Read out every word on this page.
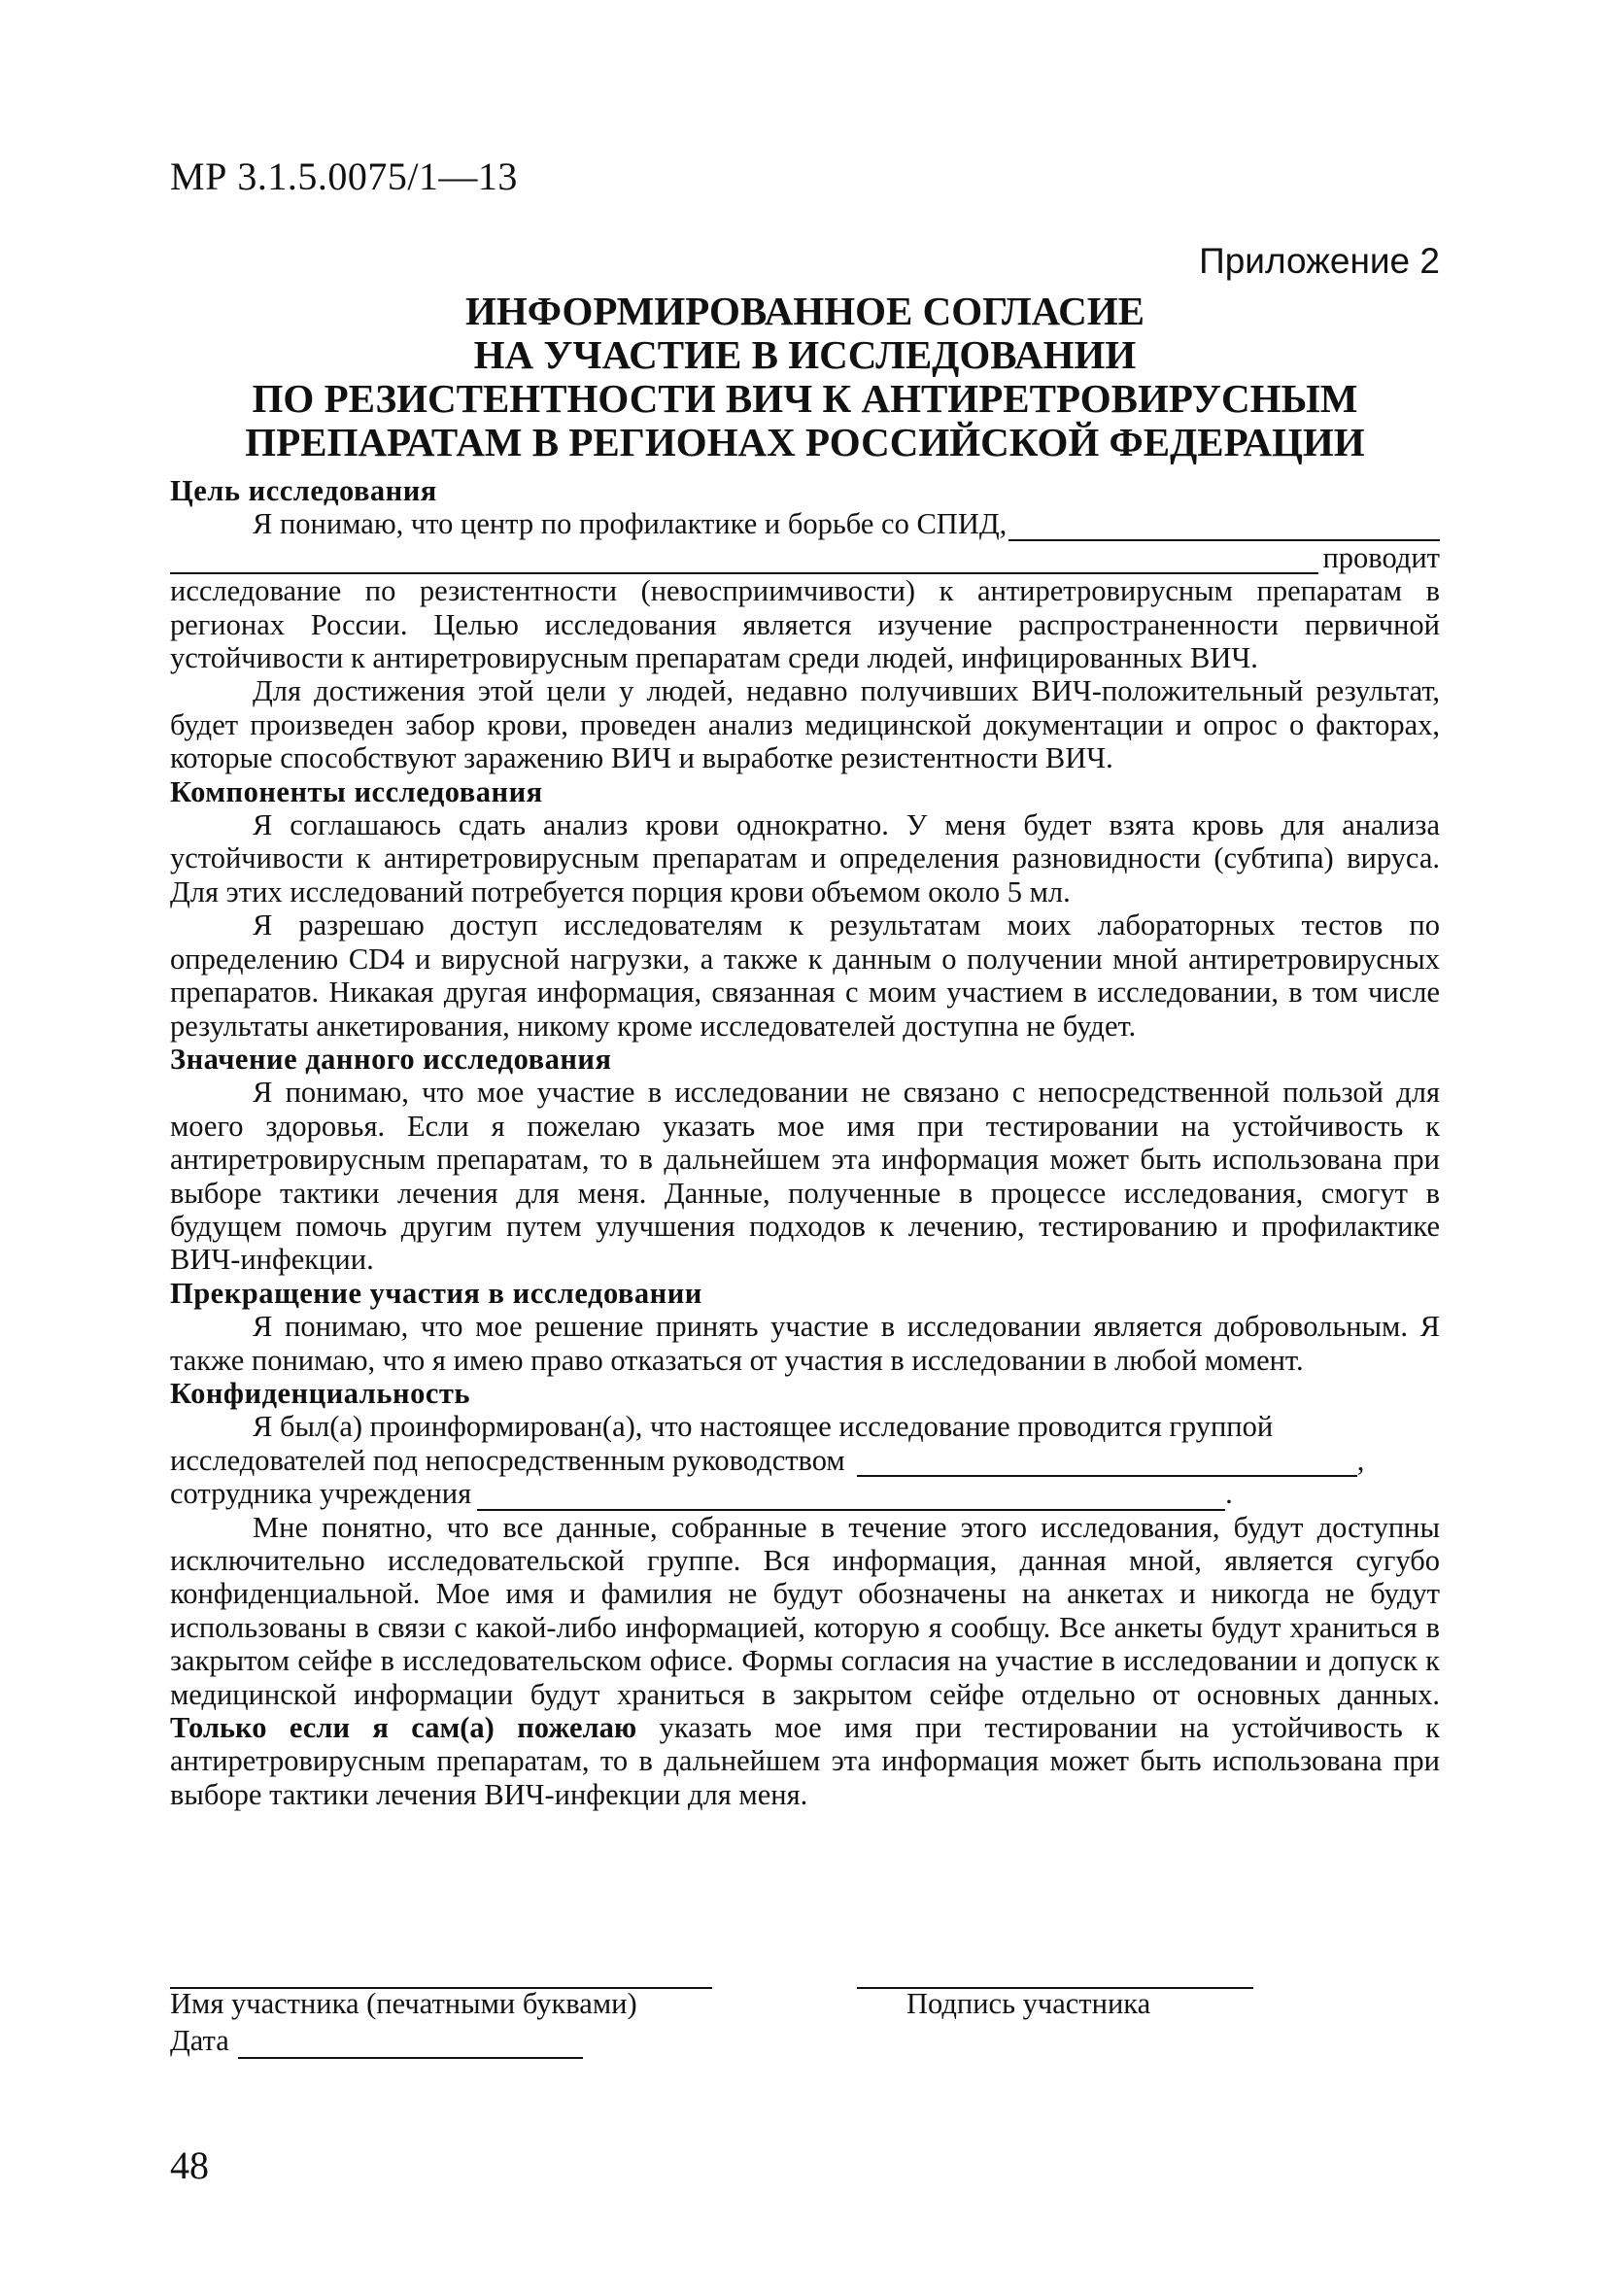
МР 3.1.5.0075/1—13
Приложение 2
ИНФОРМИРОВАННОЕ СОГЛАСИЕ
НА УЧАСТИЕ В ИССЛЕДОВАНИИ
ПО РЕЗИСТЕНТНОСТИ ВИЧ К АНТИРЕТРОВИРУСНЫМ
ПРЕПАРАТАМ В РЕГИОНАХ РОССИЙСКОЙ ФЕДЕРАЦИИ
Цель исследования
Я понимаю, что центр по профилактике и борьбе со СПИД,
проводит

исследование по резистентности (невосприимчивости) к антиретровирусным препаратам в регионах России. Целью исследования является изучение распространенности первичной устойчивости к антиретровирусным препаратам среди людей, инфицированных ВИЧ.

Для достижения этой цели у людей, недавно получивших ВИЧ-положительный результат, будет произведен забор крови, проведен анализ медицинской документации и опрос о факторах, которые способствуют заражению ВИЧ и выработке резистентности ВИЧ.

Компоненты исследования

Я соглашаюсь сдать анализ крови однократно. У меня будет взята кровь для анализа устойчивости к антиретровирусным препаратам и определения разновидности (субтипа) вируса. Для этих исследований потребуется порция крови объемом около 5 мл.

Я разрешаю доступ исследователям к результатам моих лабораторных тестов по определению CD4 и вирусной нагрузки, а также к данным о получении мной антиретровирусных препаратов. Никакая другая информация, связанная с моим участием в исследовании, в том числе результаты анкетирования, никому кроме исследователей доступна не будет.

Значение данного исследования

Я понимаю, что мое участие в исследовании не связано с непосредственной пользой для моего здоровья. Если я пожелаю указать мое имя при тестировании на устойчивость к антиретровирусным препаратам, то в дальнейшем эта информация может быть использована при выборе тактики лечения для меня. Данные, полученные в процессе исследования, смогут в будущем помочь другим путем улучшения подходов к лечению, тестированию и профилактике ВИЧ-инфекции.

Прекращение участия в исследовании

Я понимаю, что мое решение принять участие в исследовании является добровольным. Я также понимаю, что я имею право отказаться от участия в исследовании в любой момент.

Конфиденциальность

Я был(а) проинформирован(а), что настоящее исследование проводится группой

исследователей под непосредственным руководством	,
сотрудника учреждения	.

Мне понятно, что все данные, собранные в течение этого исследования, будут доступны исключительно исследовательской группе. Вся информация, данная мной, является сугубо конфиденциальной. Мое имя и фамилия не будут обозначены на анкетах и никогда не будут использованы в связи с какой-либо информацией, которую я сообщу. Все анкеты будут храниться в закрытом сейфе в исследовательском офисе. Формы согласия на участие в исследовании и допуск к медицинской информации будут храниться в закрытом сейфе отдельно от основных данных. Только если я сам(а) пожелаю указать мое имя при тестировании на устойчивость к антиретровирусным препаратам, то в дальнейшем эта информация может быть использована при выборе тактики лечения ВИЧ-инфекции для меня.

Имя участника (печатными буквами)	Подпись участника
Дата
48
